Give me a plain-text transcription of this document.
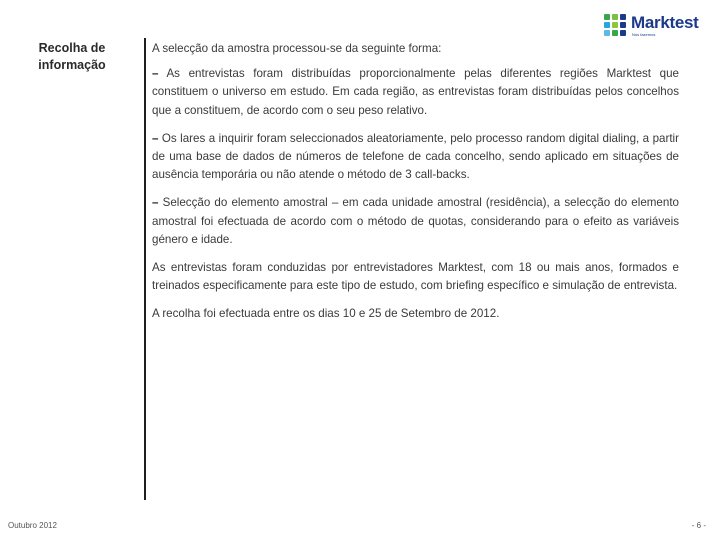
Marktest
Nós fazemos
Recolha de informação

A selecção da amostra processou-se da seguinte forma:

– As entrevistas foram distribuídas proporcionalmente pelas diferentes regiões Marktest que constituem o universo em estudo. Em cada região, as entrevistas foram distribuídas pelos concelhos que a constituem, de acordo com o seu peso relativo.

– Os lares a inquirir foram seleccionados aleatoriamente, pelo processo random digital dialing, a partir de uma base de dados de números de telefone de cada concelho, sendo aplicado em situações de ausência temporária ou não atende o método de 3 call-backs.

– Selecção do elemento amostral – em cada unidade amostral (residência), a selecção do elemento amostral foi efectuada de acordo com o método de quotas, considerando para o efeito as variáveis género e idade.

As entrevistas foram conduzidas por entrevistadores Marktest, com 18 ou mais anos, formados e treinados especificamente para este tipo de estudo, com briefing específico e simulação de entrevista.

A recolha foi efectuada entre os dias 10 e 25 de Setembro de 2012.

Outubro 2012	- 6 -
